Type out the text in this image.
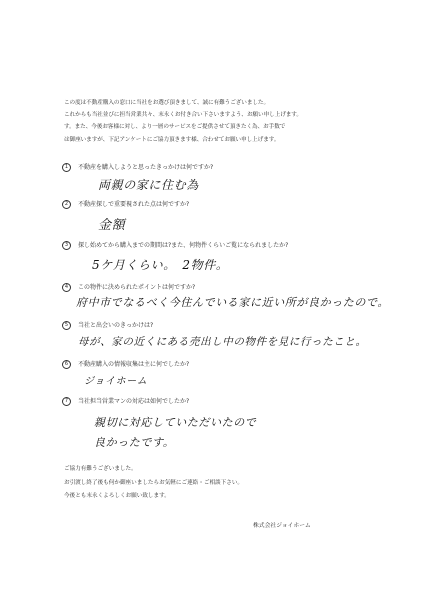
この度は不動産購入の窓口に当社をお選び頂きまして、誠に有難うございました。
これからも当社並びに担当営業共々、末永くお付き合い下さいますよう、お願い申し上げます。
す。また、今後お客様に対し、より一層のサービスをご提供させて頂きたく為、お手数で
は御座いますが、下記アンケートにご協力頂きます様、合わせてお願い申し上げます。
1 不動産を購入しようと思ったきっかけは何ですか?
両親の家に住む為
2 不動産探しで重要視された点は何ですか?
金額
3 探し始めてから購入までの期間は?また、何物件くらいご覧になられましたか?
5ケ月くらい。　2物件。
4 この物件に決められたポイントは何ですか?
府中市でなるべく今住んでいる家に近い所が良かったので。
5 当社と出会いのきっかけは?
母が、家の近くにある売出し中の物件を見に行ったこと。
6 不動産購入の情報収集は主に何でしたか?
ジョイホーム
7 当社担当営業マンの対応は如何でしたか?
親切に対応していただいたので
良かったです。
ご協力有難うございました。
お引渡し終了後も何か御座いましたらお気軽にご連絡・ご相談下さい。
今後とも末永くよろしくお願い致します。
株式会社ジョイホーム
